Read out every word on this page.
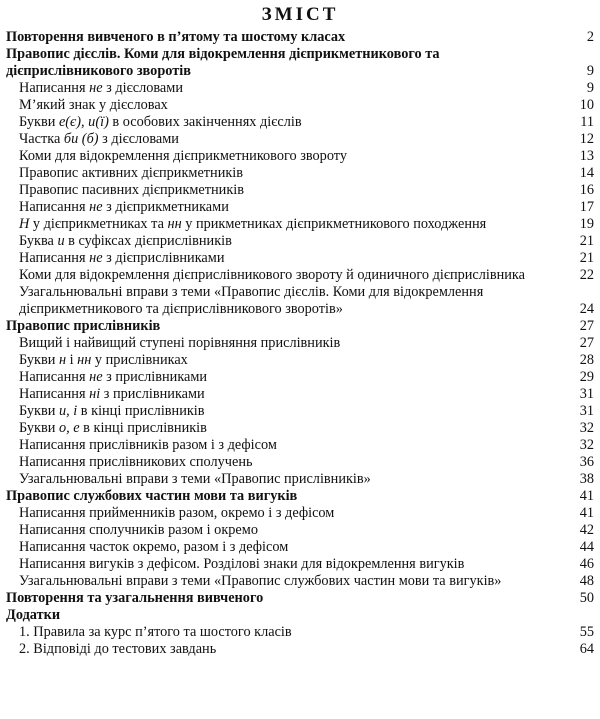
ЗМІСТ
Повторення вивченого в п’ятому та шостому класах	2
Правопис дієслів. Коми для відокремлення дієприкметникового та дієприслівникового зворотів	9
Написання не з дієсловами	9
М’який знак у дієсловах	10
Букви е(є), и(ї) в особових закінченнях дієслів	11
Частка би (б) з дієсловами	12
Коми для відокремлення дієприкметникового звороту	13
Правопис активних дієприкметників	14
Правопис пасивних дієприкметників	16
Написання не з дієприкметниками	17
Н у дієприкметниках та нн у прикметниках дієприкметникового походження	19
Буква и в суфіксах дієприслівників	21
Написання не з дієприслівниками	21
Коми для відокремлення дієприслівникового звороту й одиничного дієприслівника	22
Узагальнювальні вправи з теми «Правопис дієслів. Коми для відокремлення дієприкметникового та дієприслівникового зворотів»	24
Правопис прислівників	27
Вищий і найвищий ступені порівняння прислівників	27
Букви н і нн у прислівниках	28
Написання не з прислівниками	29
Написання ні з прислівниками	31
Букви и, і в кінці прислівників	31
Букви о, е в кінці прислівників	32
Написання прислівників разом і з дефісом	32
Написання прислівникових сполучень	36
Узагальнювальні вправи з теми «Правопис прислівників»	38
Правопис службових частин мови та вигуків	41
Написання прийменників разом, окремо і з дефісом	41
Написання сполучників разом і окремо	42
Написання часток окремо, разом і з дефісом	44
Написання вигуків з дефісом. Розділові знаки для відокремлення вигуків	46
Узагальнювальні вправи з теми «Правопис службових частин мови та вигуків»	48
Повторення та узагальнення вивченого	50
Додатки
1. Правила за курс п’ятого та шостого класів	55
2. Відповіді до тестових завдань	64
